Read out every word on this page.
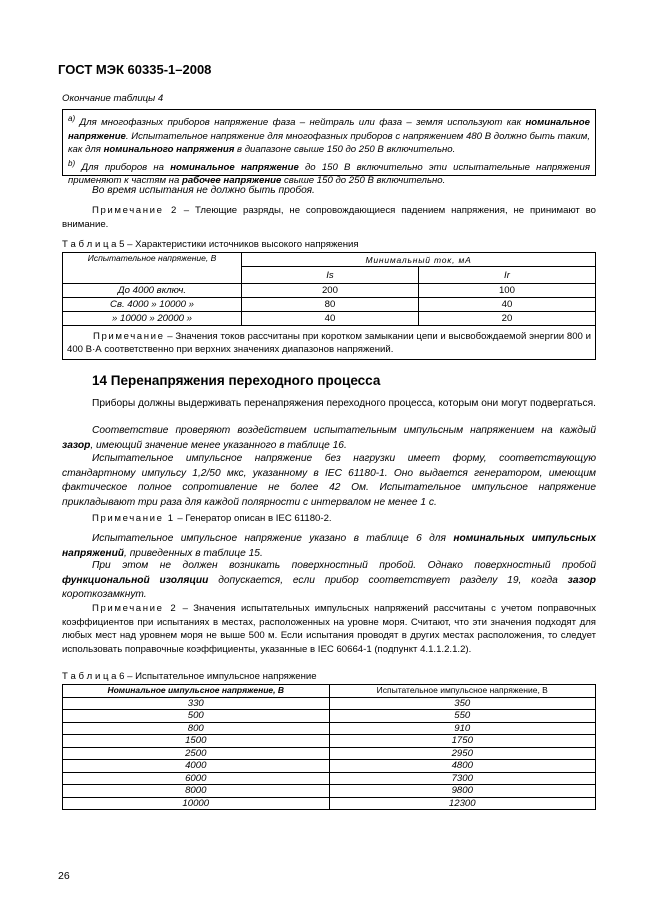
ГОСТ МЭК 60335-1–2008
Окончание таблицы 4
$^{a)}$ Для многофазных приборов напряжение фаза – нейтраль или фаза – земля используют как номинальное напряжение. Испытательное напряжение для многофазных приборов с напряжением 480 В должно быть таким, как для номинального напряжения в диапазоне свыше 150 до 250 В включительно.
$^{b)}$ Для приборов на номинальное напряжение до 150 В включительно эти испытательные напряжения применяют к частям на рабочее напряжение свыше 150 до 250 В включительно.
Во время испытания не должно быть пробоя.
Примечание 2 – Тлеющие разряды, не сопровождающиеся падением напряжения, не принимают во внимание.
Т а б л и ц а 5 – Характеристики источников высокого напряжения
Испытательное напряжение, В	Минимальный ток, мА	
	Is	Ir
До 4000 включ.	200	100
Св. 4000 » 10000 »	80	40
» 10000 » 20000 »	40	20
Примечание – Значения токов рассчитаны при коротком замыкании цепи и высвобождаемой энергии 800 и 400 В·А соответственно при верхних значениях диапазонов напряжений.		
14 Перенапряжения переходного процесса
Приборы должны выдерживать перенапряжения переходного процесса, которым они могут подвергаться.
Соответствие проверяют воздействием испытательным импульсным напряжением на каждый зазор, имеющий значение менее указанного в таблице 16.
Испытательное импульсное напряжение без нагрузки имеет форму, соответствующую стандартному импульсу 1,2/50 мкс, указанному в IEC 61180-1. Оно выдается генератором, имеющим фактическое полное сопротивление не более 42 Ом. Испытательное импульсное напряжение прикладывают три раза для каждой полярности с интервалом не менее 1 с.
Примечание 1 – Генератор описан в IEC 61180-2.
Испытательное импульсное напряжение указано в таблице 6 для номинальных импульсных напряжений, приведенных в таблице 15.
При этом не должен возникать поверхностный пробой. Однако поверхностный пробой функциональной изоляции допускается, если прибор соответствует разделу 19, когда зазор короткозамкнут.
Примечание 2 – Значения испытательных импульсных напряжений рассчитаны с учетом поправочных коэффициентов при испытаниях в местах, расположенных на уровне моря. Считают, что эти значения подходят для любых мест над уровнем моря не выше 500 м. Если испытания проводят в других местах расположения, то следует использовать поправочные коэффициенты, указанные в IEC 60664-1 (подпункт 4.1.1.2.1.2).
Т а б л и ц а 6 – Испытательное импульсное напряжение
Номинальное импульсное напряжение, В	Испытательное импульсное напряжение, В
330	350
500	550
800	910
1500	1750
2500	2950
4000	4800
6000	7300
8000	9800
10000	12300
26
